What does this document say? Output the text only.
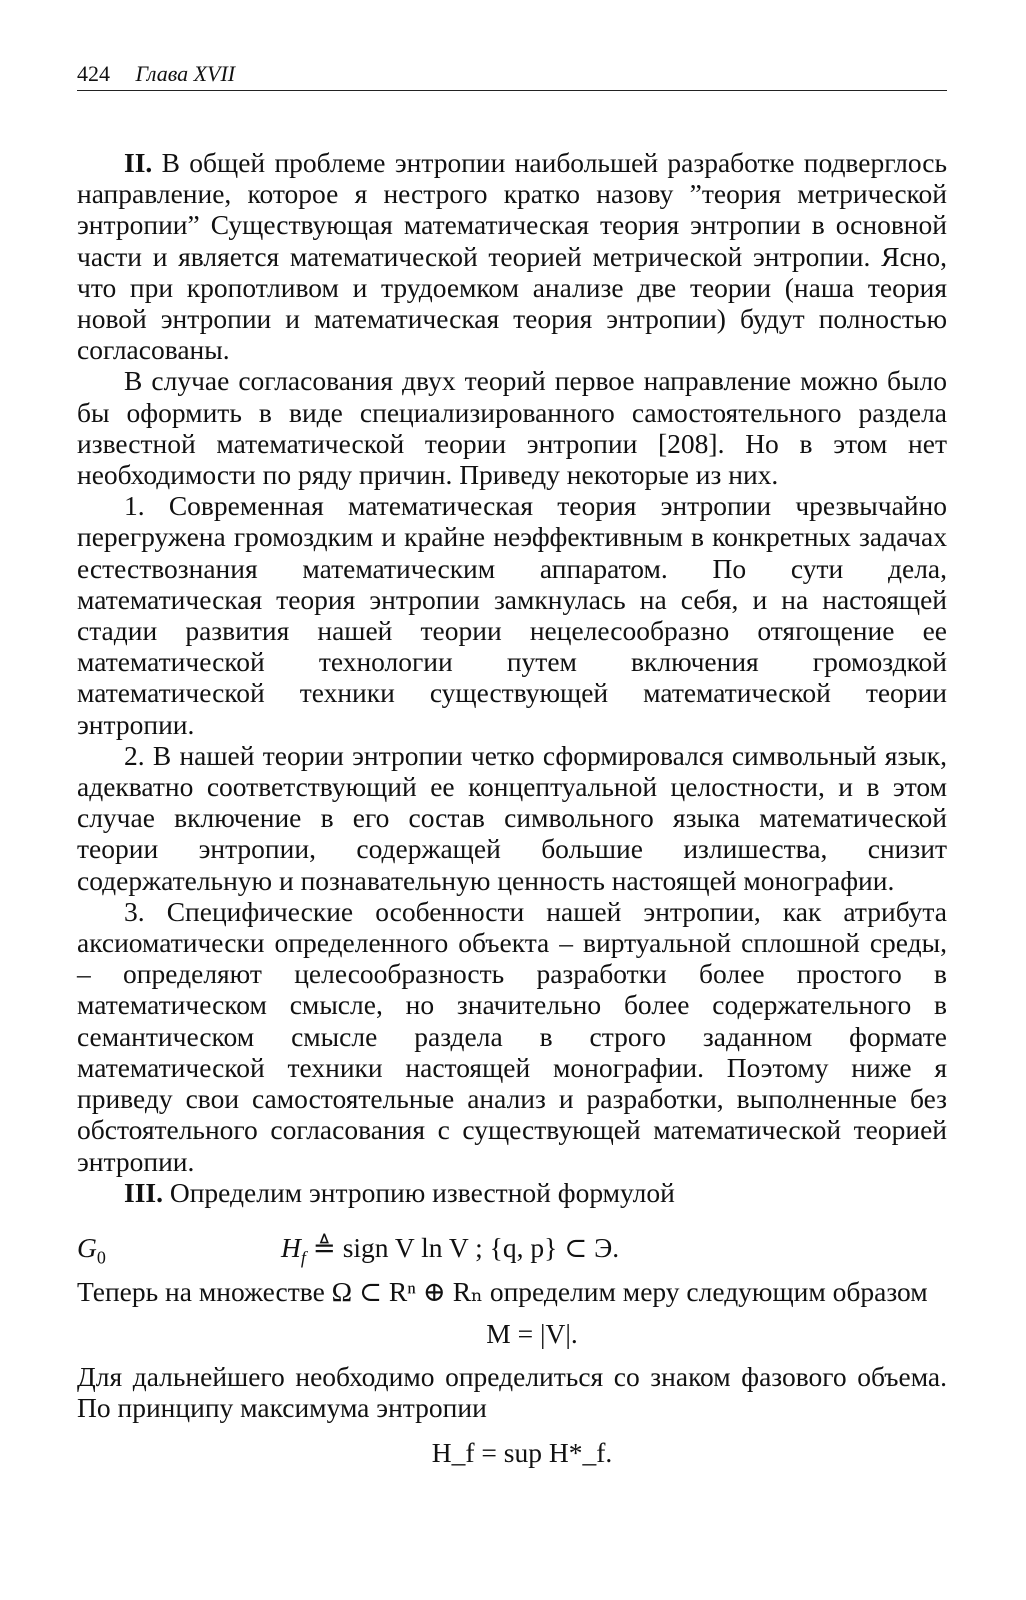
424 Глава XVII

II. В общей проблеме энтропии наибольшей разработке подверглось направление, которое я нестрого кратко назову ”теория метрической энтропии” Существующая математическая теория энтропии в основной части и является математической теорией метрической энтропии. Ясно, что при кропотливом и трудоемком анализе две теории (наша теория новой энтропии и математическая теория энтропии) будут полностью согласованы.

В случае согласования двух теорий первое направление можно было бы оформить в виде специализированного самостоятельного раздела известной математической теории энтропии [208]. Но в этом нет необходимости по ряду причин. Приведу некоторые из них.

1. Современная математическая теория энтропии чрезвычайно перегружена громоздким и крайне неэффективным в конкретных задачах естествознания математическим аппаратом. По сути дела, математическая теория энтропии замкнулась на себя, и на настоящей стадии развития нашей теории нецелесообразно отягощение ее математической технологии путем включения громоздкой математической техники существующей математической теории энтропии.

2. В нашей теории энтропии четко сформировался символьный язык, адекватно соответствующий ее концептуальной целостности, и в этом случае включение в его состав символьного языка математической теории энтропии, содержащей большие излишества, снизит содержательную и познавательную ценность настоящей монографии.

3. Специфические особенности нашей энтропии, как атрибута аксиоматически определенного объекта – виртуальной сплошной среды, – определяют целесообразность разработки более простого в математическом смысле, но значительно более содержательного в семантическом смысле раздела в строго заданном формате математической техники настоящей монографии. Поэтому ниже я приведу свои самостоятельные анализ и разработки, выполненные без обстоятельного согласования с существующей математической теорией энтропии.

III. Определим энтропию известной формулой

$G_0$	$H_f$ ≜ sign V ln V ; {q, p} ⊂ Э.

Теперь на множестве Ω ⊂ Rⁿ ⊕ Rₙ определим меру следующим образом

M = |V|.

Для дальнейшего необходимо определиться со знаком фазового объема. По принципу максимума энтропии

H_f = sup H*_f.
